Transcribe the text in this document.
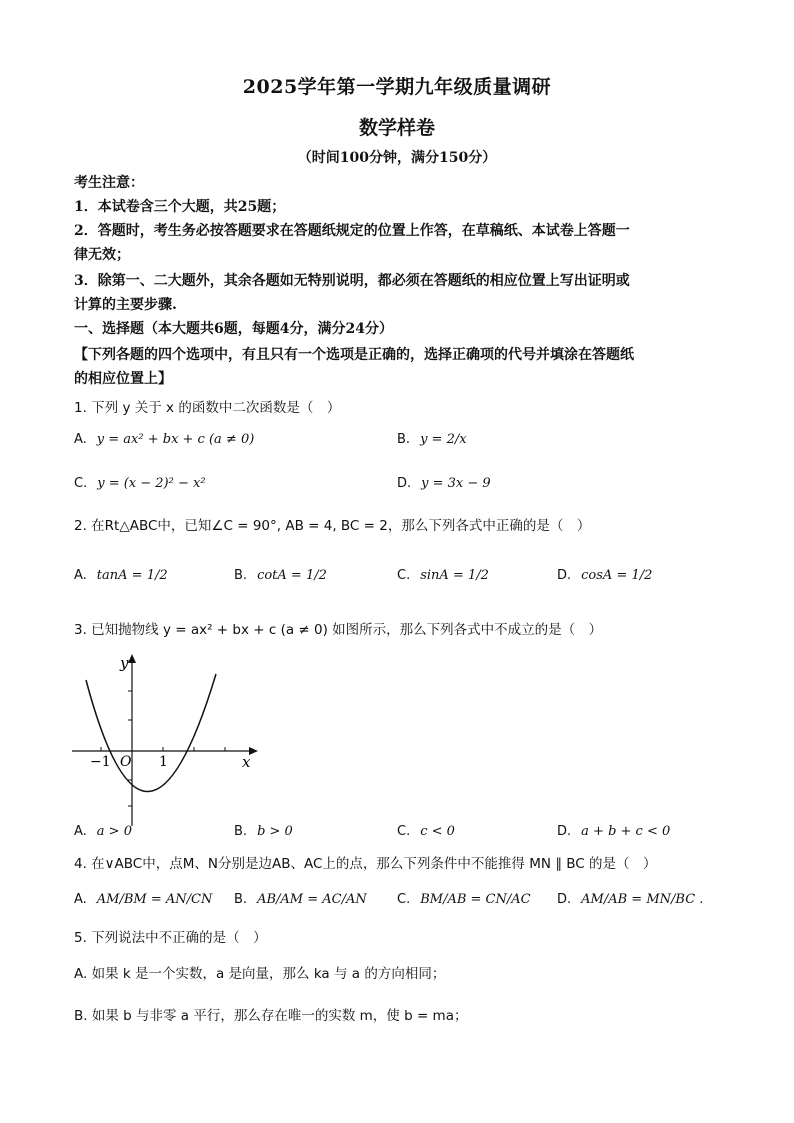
2025学年第一学期九年级质量调研
数学样卷
（时间100分钟，满分150分）
考生注意：
1．本试卷含三个大题，共25题；
2．答题时，考生务必按答题要求在答题纸规定的位置上作答，在草稿纸、本试卷上答题一
律无效；
3．除第一、二大题外，其余各题如无特别说明，都必须在答题纸的相应位置上写出证明或
计算的主要步骤.
一、选择题（本大题共6题，每题4分，满分24分）
【下列各题的四个选项中，有且只有一个选项是正确的，选择正确项的代号并填涂在答题纸
的相应位置上】
1. 下列 y 关于 x 的函数中二次函数是（　）
A. y = ax² + bx + c (a ≠ 0)	B. y = 2/x
C. y = (x − 2)² − x²	D. y = 3x − 9
2. 在Rt△ABC中，已知∠C = 90°, AB = 4, BC = 2，那么下列各式中正确的是（　）
A. tanA = 1/2	B. cotA = 1/2	C. sinA = 1/2	D. cosA = 1/2
3. 已知抛物线 y = ax² + bx + c (a ≠ 0) 如图所示，那么下列各式中不成立的是（　）
y
x
O
−1	1
A. a > 0	B. b > 0	C. c < 0	D. a + b + c < 0
4. 在∨ABC中，点M、N分别是边AB、AC上的点，那么下列条件中不能推得 MN ∥ BC 的是（　）
A. AM/BM = AN/CN B. AB/AM = AC/AN C. BM/AB = CN/AC D. AM/AB = MN/BC .
5. 下列说法中不正确的是（　）
A. 如果 k 是一个实数，a 是向量，那么 ka 与 a 的方向相同；
B. 如果 b 与非零 a 平行，那么存在唯一的实数 m，使 b = ma；
